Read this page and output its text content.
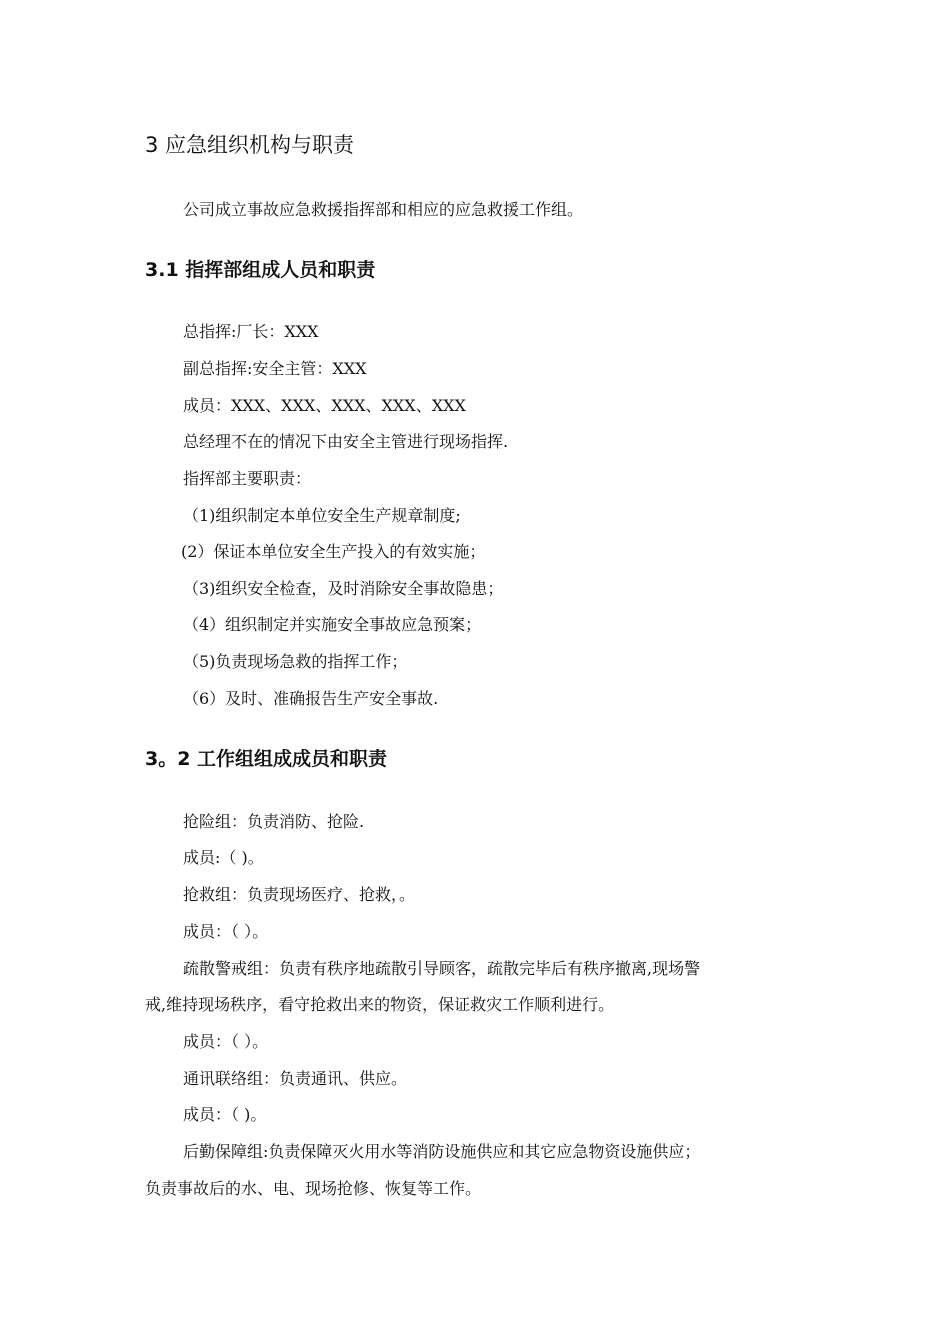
3 应急组织机构与职责
公司成立事故应急救援指挥部和相应的应急救援工作组。
3.1 指挥部组成人员和职责
总指挥:厂长：XXX
副总指挥:安全主管：XXX
成员：XXX、XXX、XXX、XXX、XXX
总经理不在的情况下由安全主管进行现场指挥.
指挥部主要职责：
（1)组织制定本单位安全生产规章制度;
(2）保证本单位安全生产投入的有效实施；
（3)组织安全检查，及时消除安全事故隐患；
（4）组织制定并实施安全事故应急预案；
（5)负责现场急救的指挥工作；
（6）及时、准确报告生产安全事故.
3。2 工作组组成成员和职责
抢险组：负责消防、抢险.
成员:（ )。
抢救组：负责现场医疗、抢救，。
成员：（ ）。
疏散警戒组：负责有秩序地疏散引导顾客，疏散完毕后有秩序撤离,现场警
戒,维持现场秩序，看守抢救出来的物资，保证救灾工作顺利进行。
成员：（ ）。
通讯联络组：负责通讯、供应。
成员：（ )。
后勤保障组:负责保障灭火用水等消防设施供应和其它应急物资设施供应；
负责事故后的水、电、现场抢修、恢复等工作。
